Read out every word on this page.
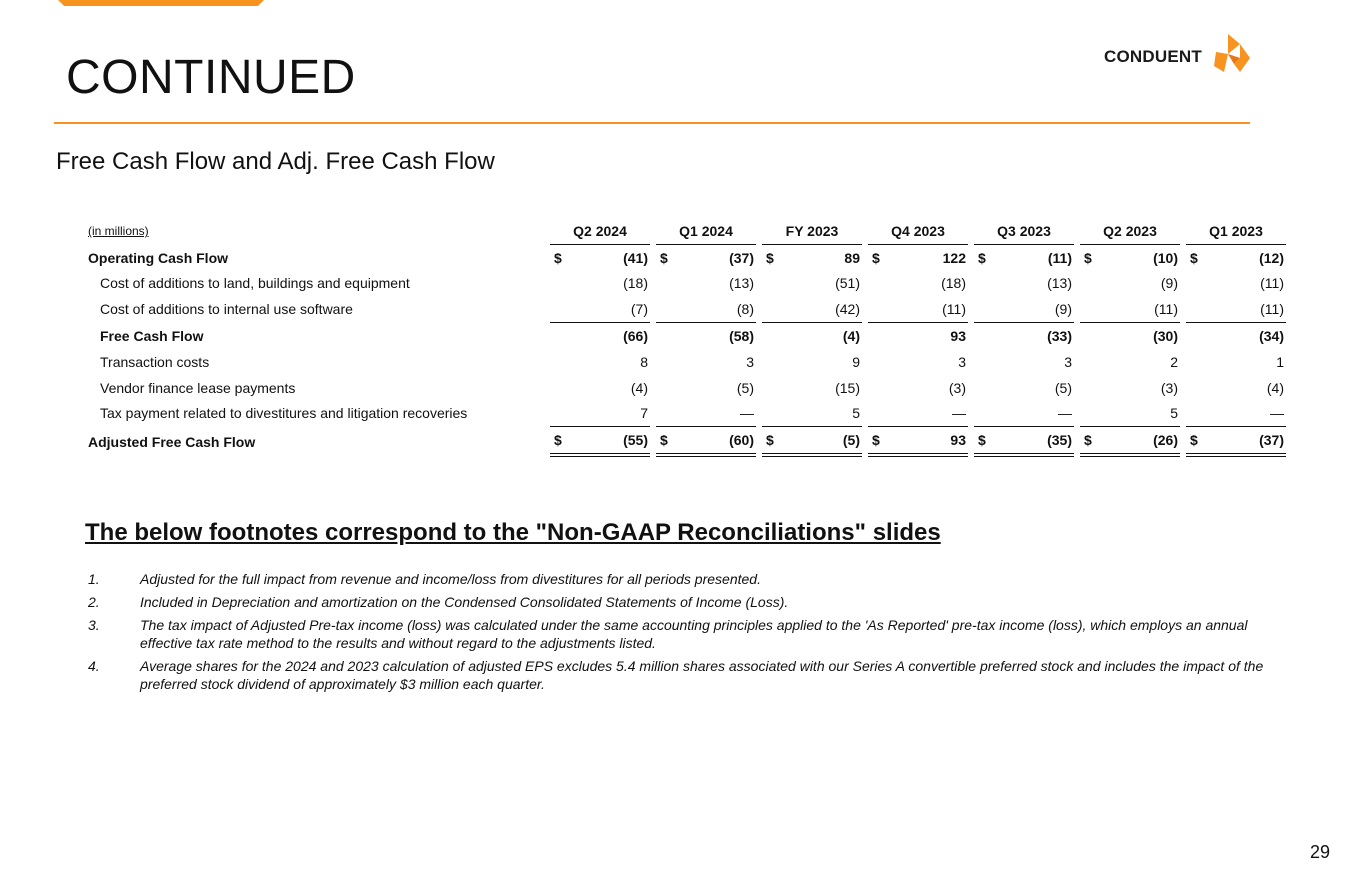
CONTINUED	CONDUENT
Free Cash Flow and Adj. Free Cash Flow
(in millions)	Q2 2024			Q1 2024			FY 2023			Q4 2023			Q3 2023			Q2 2023			Q1 2023	
Operating Cash Flow	$	(41)		$	(37)		$	89		$	122		$	(11)		$	(10)		$	(12)
Cost of additions to land, buildings and equipment		(18)			(13)			(51)			(18)			(13)			(9)			(11)
Cost of additions to internal use software		(7)			(8)			(42)			(11)			(9)			(11)			(11)
Free Cash Flow		(66)			(58)			(4)			93			(33)			(30)			(34)
Transaction costs		8			3			9			3			3			2			1
Vendor finance lease payments		(4)			(5)			(15)			(3)			(5)			(3)			(4)
Tax payment related to divestitures and litigation recoveries		7			—			5			—			—			5			—
Adjusted Free Cash Flow	$	(55)		$	(60)		$	(5)		$	93		$	(35)		$	(26)		$	(37)
The below footnotes correspond to the "Non-GAAP Reconciliations" slides
1.	Adjusted for the full impact from revenue and income/loss from divestitures for all periods presented.
2.	Included in Depreciation and amortization on the Condensed Consolidated Statements of Income (Loss).
3.	The tax impact of Adjusted Pre-tax income (loss) was calculated under the same accounting principles applied to the 'As Reported' pre-tax income (loss), which employs an annual effective tax rate method to the results and without regard to the adjustments listed.
4.	Average shares for the 2024 and 2023 calculation of adjusted EPS excludes 5.4 million shares associated with our Series A convertible preferred stock and includes the impact of the preferred stock dividend of approximately $3 million each quarter.
29
